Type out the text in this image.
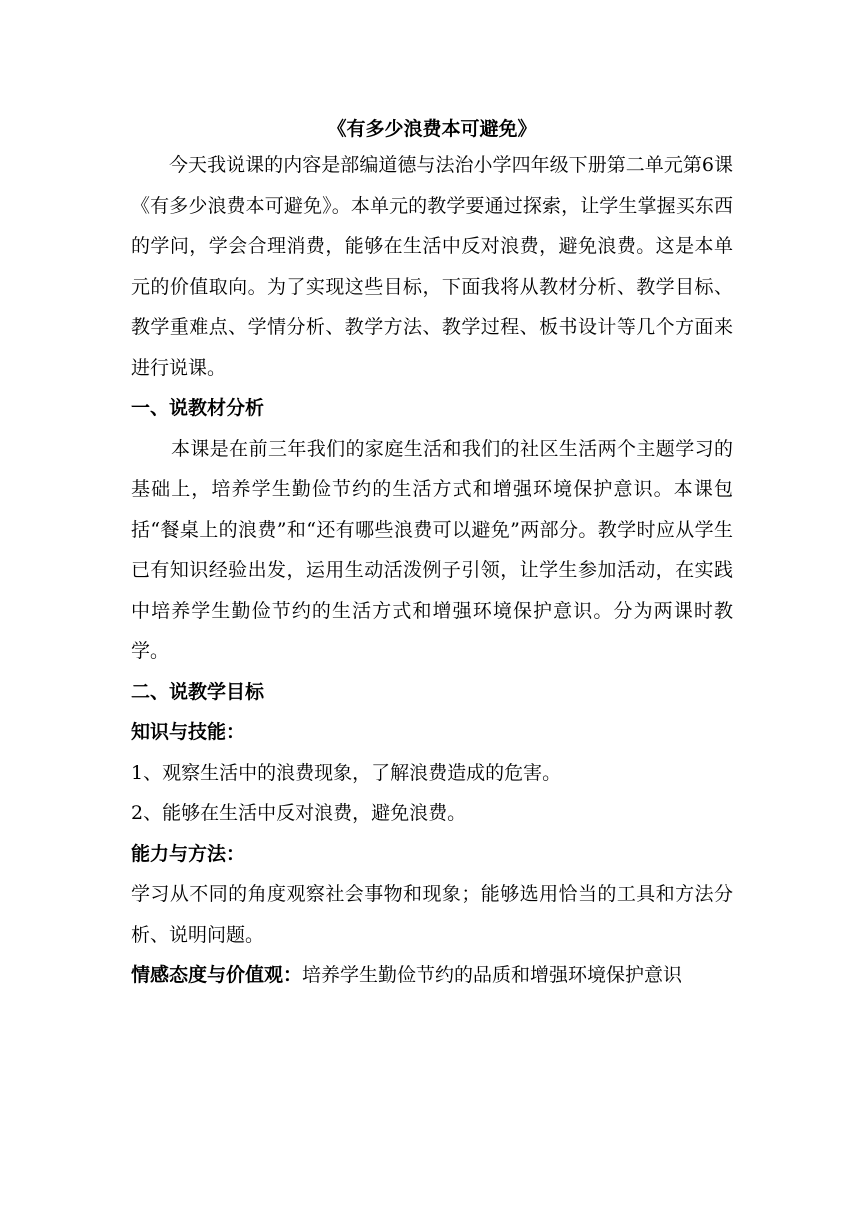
《有多少浪费本可避免》

今天我说课的内容是部编道德与法治小学四年级下册第二单元第6课《有多少浪费本可避免》。本单元的教学要通过探索，让学生掌握买东西的学问，学会合理消费，能够在生活中反对浪费，避免浪费。这是本单元的价值取向。为了实现这些目标，下面我将从教材分析、教学目标、教学重难点、学情分析、教学方法、教学过程、板书设计等几个方面来进行说课。

一、说教材分析

本课是在前三年我们的家庭生活和我们的社区生活两个主题学习的基础上，培养学生勤俭节约的生活方式和增强环境保护意识。本课包括“餐桌上的浪费”和“还有哪些浪费可以避免”两部分。教学时应从学生已有知识经验出发，运用生动活泼例子引领，让学生参加活动，在实践中培养学生勤俭节约的生活方式和增强环境保护意识。分为两课时教学。

二、说教学目标

知识与技能：

1、观察生活中的浪费现象，了解浪费造成的危害。

2、能够在生活中反对浪费，避免浪费。

能力与方法：

学习从不同的角度观察社会事物和现象；能够选用恰当的工具和方法分析、说明问题。

情感态度与价值观：培养学生勤俭节约的品质和增强环境保护意识
